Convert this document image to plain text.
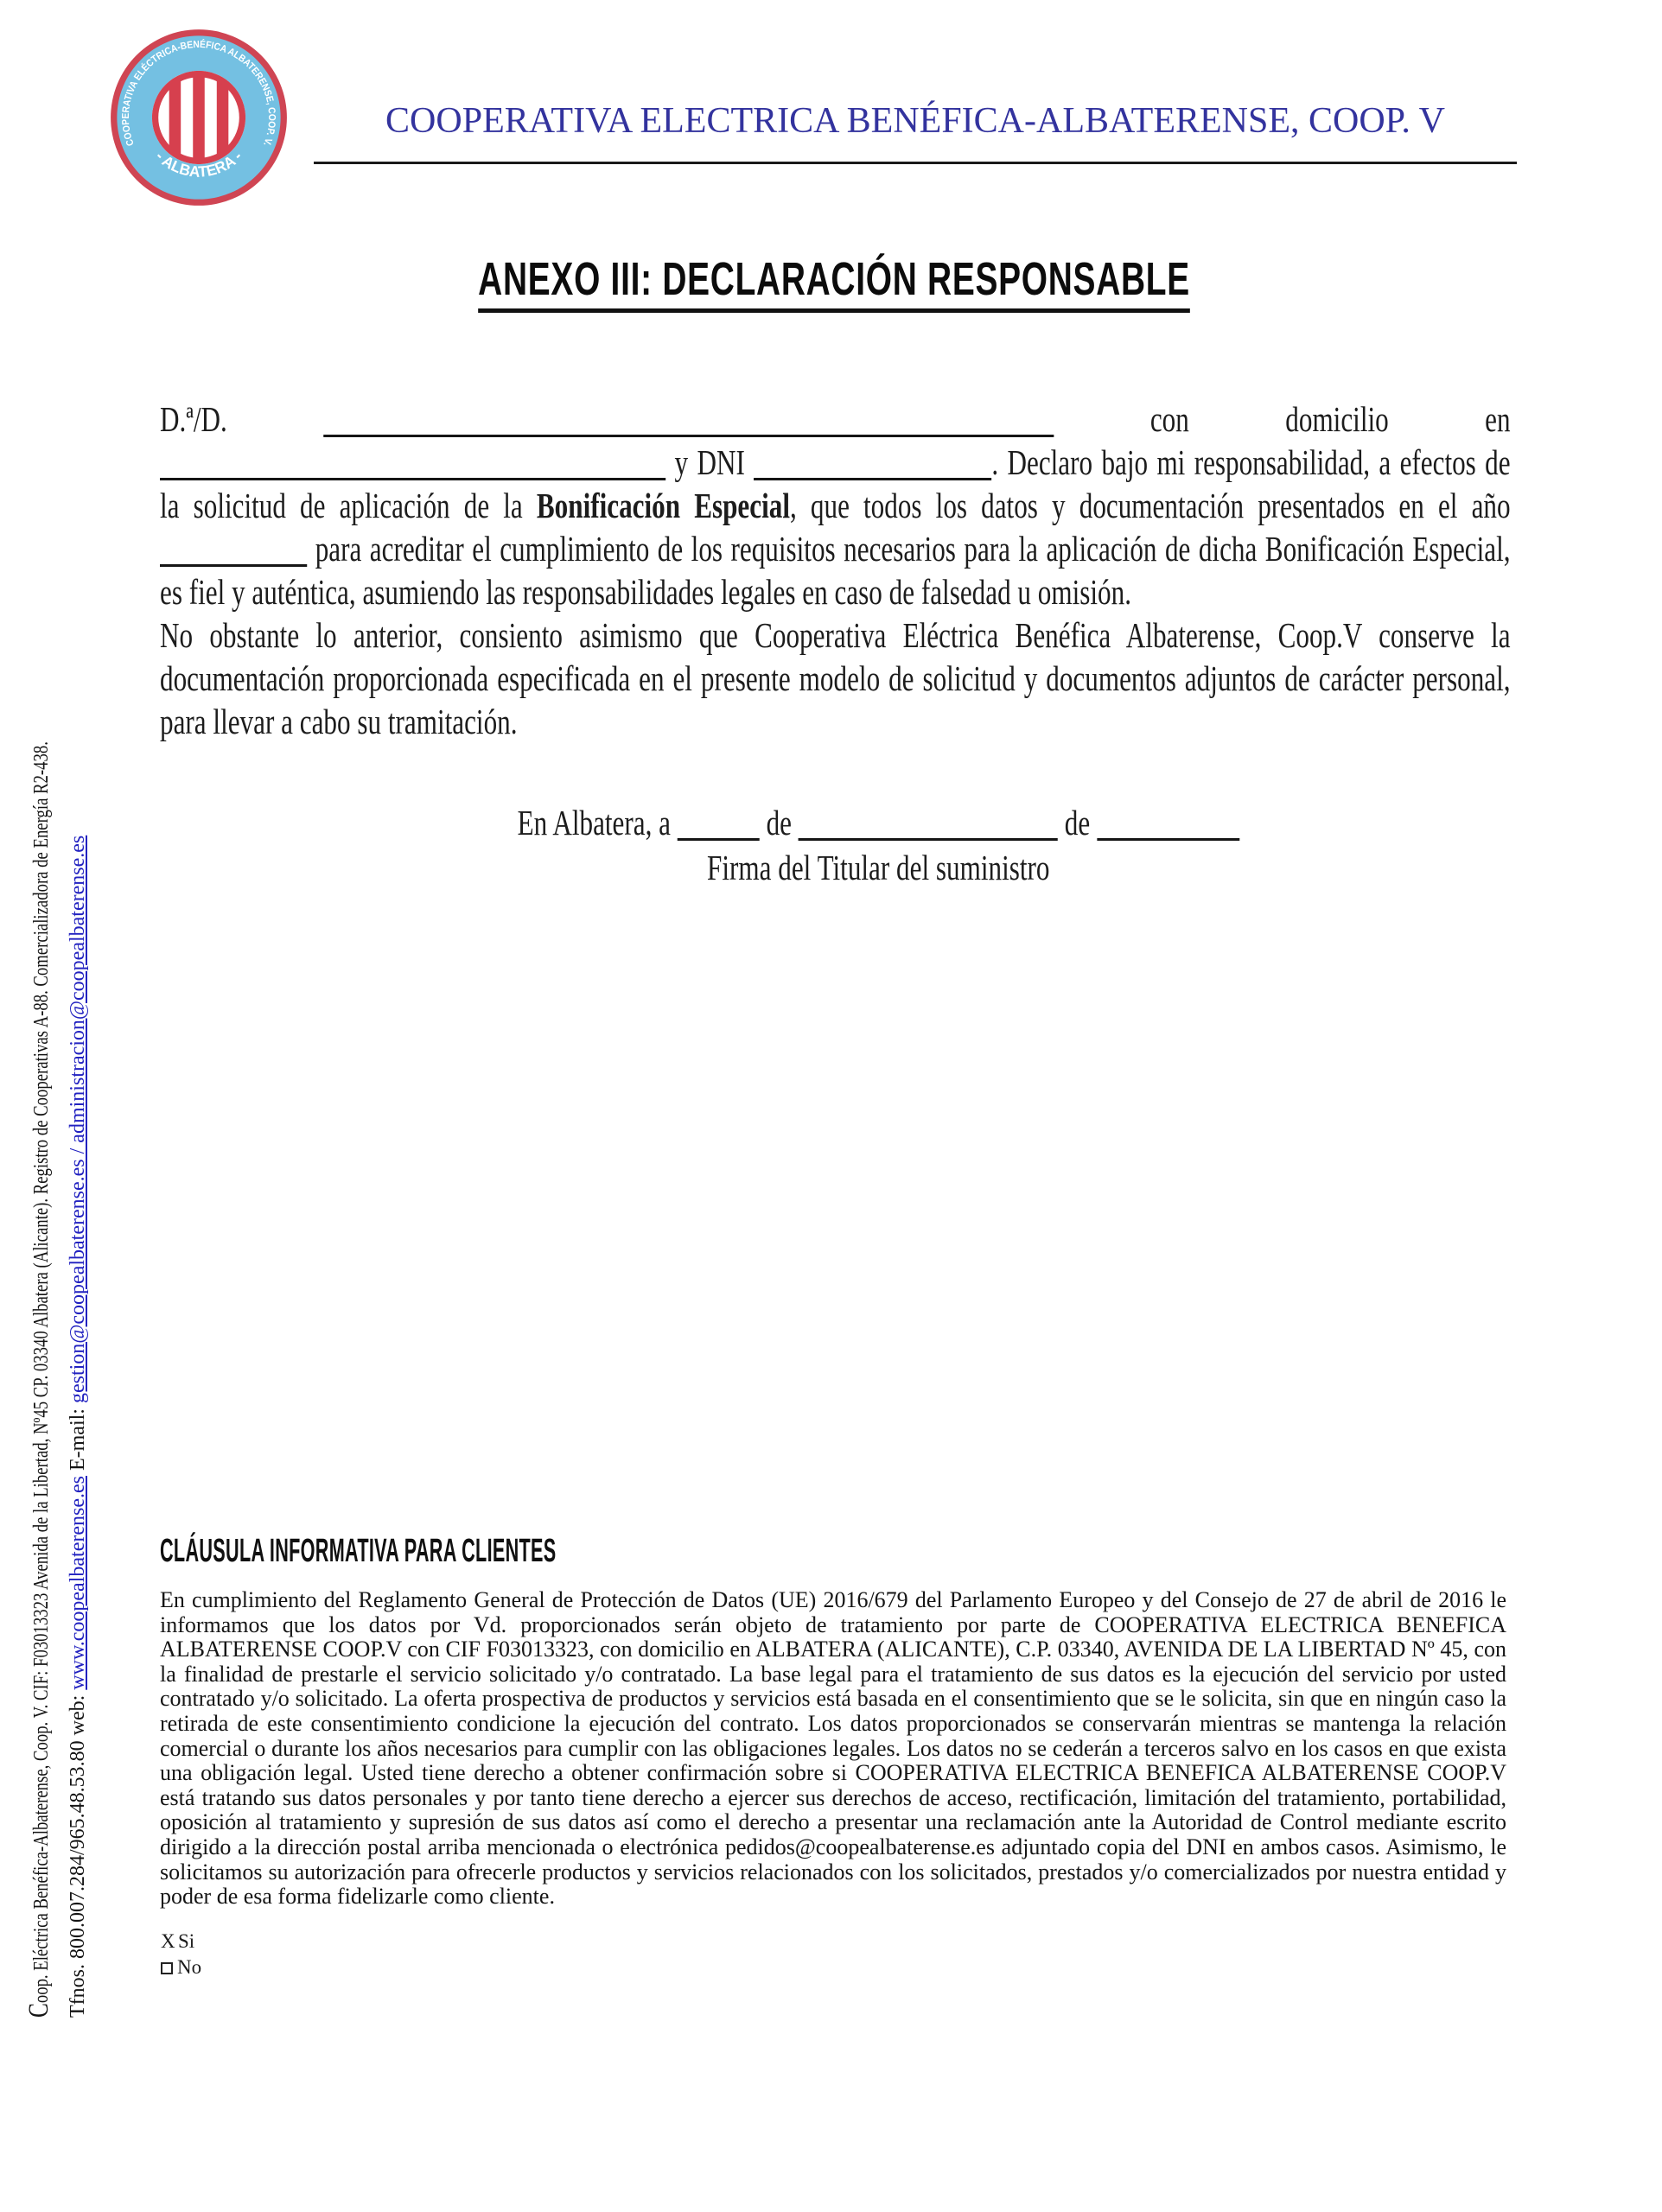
Coop. Eléctrica Benéfica-Albaterense, Coop. V. CIF: F03013323 Avenida de la Libertad, Nº45 CP. 03340 Albatera (Alicante). Registro de Cooperativas A-88. Comercializadora de Energía R2-438. Tfnos. 800.007.284/965.48.53.80 web: www.coopealbaterense.es E-mail: gestion@coopealbaterense.es / administracion@coopealbaterense.es
COOPERATIVA ELÉCTRICA-BENÉFICA ALBATERENSE, COOP. V.
- ALBATERA -
COOPERATIVA ELECTRICA BENÉFICA-ALBATERENSE, COOP. V
ANEXO III: DECLARACIÓN RESPONSABLE

D.ª/D.	con domicilio en  y DNI	. Declaro bajo mi responsabilidad, a efectos de la solicitud de aplicación de la Bonificación Especial, que todos los datos y documentación presentados en el año  para acreditar el cumplimiento de los requisitos necesarios para la aplicación de dicha Bonificación Especial, es fiel y auténtica, asumiendo las responsabilidades legales en caso de falsedad u omisión.

No obstante lo anterior, consiento asimismo que Cooperativa Eléctrica Benéfica Albaterense, Coop.V conserve la documentación proporcionada especificada en el presente modelo de solicitud y documentos adjuntos de carácter personal, para llevar a cabo su tramitación.

En Albatera, a	de	de

Firma del Titular del suministro

CLÁUSULA INFORMATIVA PARA CLIENTES
En cumplimiento del Reglamento General de Protección de Datos (UE) 2016/679 del Parlamento Europeo y del Consejo de 27 de abril de 2016 le informamos que los datos por Vd. proporcionados serán objeto de tratamiento por parte de COOPERATIVA ELECTRICA BENEFICA ALBATERENSE COOP.V con CIF F03013323, con domicilio en ALBATERA (ALICANTE), C.P. 03340, AVENIDA DE LA LIBERTAD Nº 45, con la finalidad de prestarle el servicio solicitado y/o contratado. La base legal para el tratamiento de sus datos es la ejecución del servicio por usted contratado y/o solicitado. La oferta prospectiva de productos y servicios está basada en el consentimiento que se le solicita, sin que en ningún caso la retirada de este consentimiento condicione la ejecución del contrato. Los datos proporcionados se conservarán mientras se mantenga la relación comercial o durante los años necesarios para cumplir con las obligaciones legales. Los datos no se cederán a terceros salvo en los casos en que exista una obligación legal. Usted tiene derecho a obtener confirmación sobre si COOPERATIVA ELECTRICA BENEFICA ALBATERENSE COOP.V está tratando sus datos personales y por tanto tiene derecho a ejercer sus derechos de acceso, rectificación, limitación del tratamiento, portabilidad, oposición al tratamiento y supresión de sus datos así como el derecho a presentar una reclamación ante la Autoridad de Control mediante escrito dirigido a la dirección postal arriba mencionada o electrónica pedidos@coopealbaterense.es adjuntado copia del DNI en ambos casos. Asimismo, le solicitamos su autorización para ofrecerle productos y servicios relacionados con los solicitados, prestados y/o comercializados por nuestra entidad y poder de esa forma fidelizarle como cliente.
X Si
No
